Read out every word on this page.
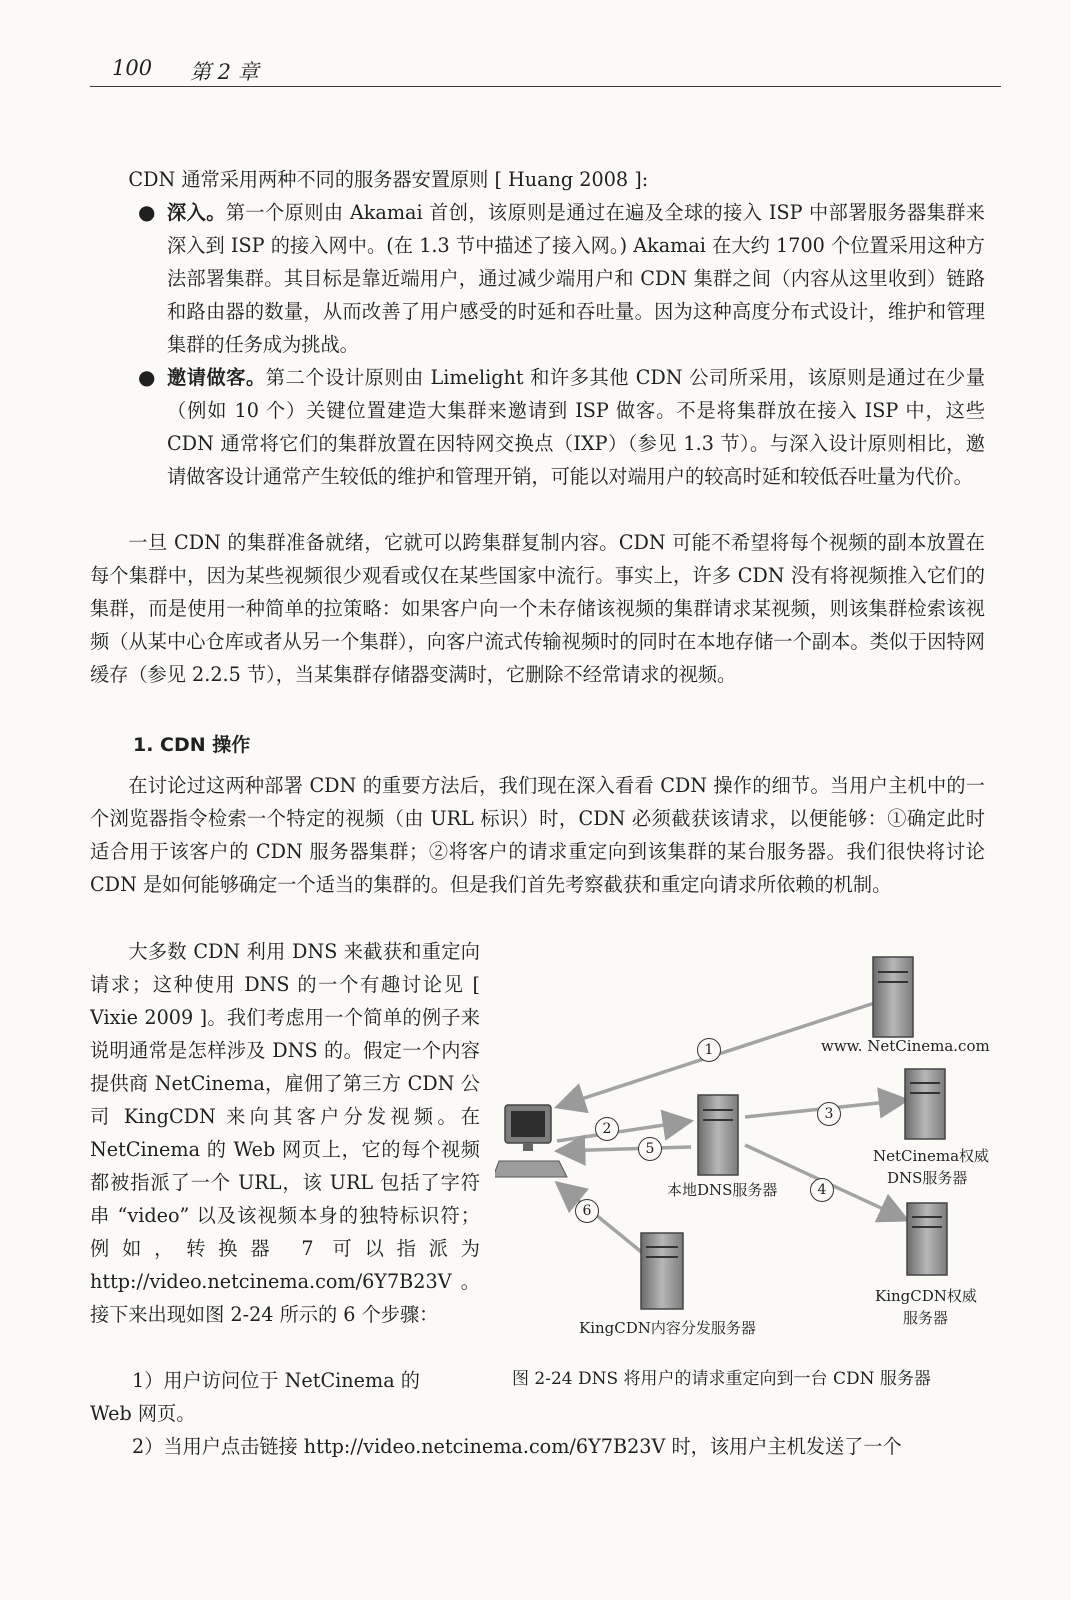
100 第 2 章

CDN 通常采用两种不同的服务器安置原则 [ Huang 2008 ]:

● 深入。第一个原则由 Akamai 首创，该原则是通过在遍及全球的接入 ISP 中部署服务器集群来深入到 ISP 的接入网中。(在 1.3 节中描述了接入网。) Akamai 在大约 1700 个位置采用这种方法部署集群。其目标是靠近端用户，通过减少端用户和 CDN 集群之间（内容从这里收到）链路和路由器的数量，从而改善了用户感受的时延和吞吐量。因为这种高度分布式设计，维护和管理集群的任务成为挑战。
● 邀请做客。第二个设计原则由 Limelight 和许多其他 CDN 公司所采用，该原则是通过在少量（例如 10 个）关键位置建造大集群来邀请到 ISP 做客。不是将集群放在接入 ISP 中，这些 CDN 通常将它们的集群放置在因特网交换点（IXP）（参见 1.3 节）。与深入设计原则相比，邀请做客设计通常产生较低的维护和管理开销，可能以对端用户的较高时延和较低吞吐量为代价。

一旦 CDN 的集群准备就绪，它就可以跨集群复制内容。CDN 可能不希望将每个视频的副本放置在每个集群中，因为某些视频很少观看或仅在某些国家中流行。事实上，许多 CDN 没有将视频推入它们的集群，而是使用一种简单的拉策略：如果客户向一个未存储该视频的集群请求某视频，则该集群检索该视频（从某中心仓库或者从另一个集群），向客户流式传输视频时的同时在本地存储一个副本。类似于因特网缓存（参见 2.2.5 节），当某集群存储器变满时，它删除不经常请求的视频。

1. CDN 操作

在讨论过这两种部署 CDN 的重要方法后，我们现在深入看看 CDN 操作的细节。当用户主机中的一个浏览器指令检索一个特定的视频（由 URL 标识）时，CDN 必须截获该请求，以便能够：①确定此时适合用于该客户的 CDN 服务器集群；②将客户的请求重定向到该集群的某台服务器。我们很快将讨论 CDN 是如何能够确定一个适当的集群的。但是我们首先考察截获和重定向请求所依赖的机制。

大多数 CDN 利用 DNS 来截获和重定向请求；这种使用 DNS 的一个有趣讨论见 [ Vixie 2009 ]。我们考虑用一个简单的例子来说明通常是怎样涉及 DNS 的。假定一个内容提供商 NetCinema，雇佣了第三方 CDN 公司 KingCDN 来向其客户分发视频。在 NetCinema 的 Web 网页上，它的每个视频都被指派了一个 URL，该 URL 包括了字符串 “video” 以及该视频本身的独特标识符；例如，转换器 7 可以指派为 http://video.netcinema.com/6Y7B23V。接下来出现如图 2-24 所示的 6 个步骤：

1）用户访问位于 NetCinema 的

Web 网页。

2）当用户点击链接 http://video.netcinema.com/6Y7B23V 时，该用户主机发送了一个

1
2
3
4
5
6
www. NetCinema.com
NetCinema权威
DNS服务器
本地DNS服务器
KingCDN权威
服务器
KingCDN内容分发服务器
图 2-24 DNS 将用户的请求重定向到一台 CDN 服务器
